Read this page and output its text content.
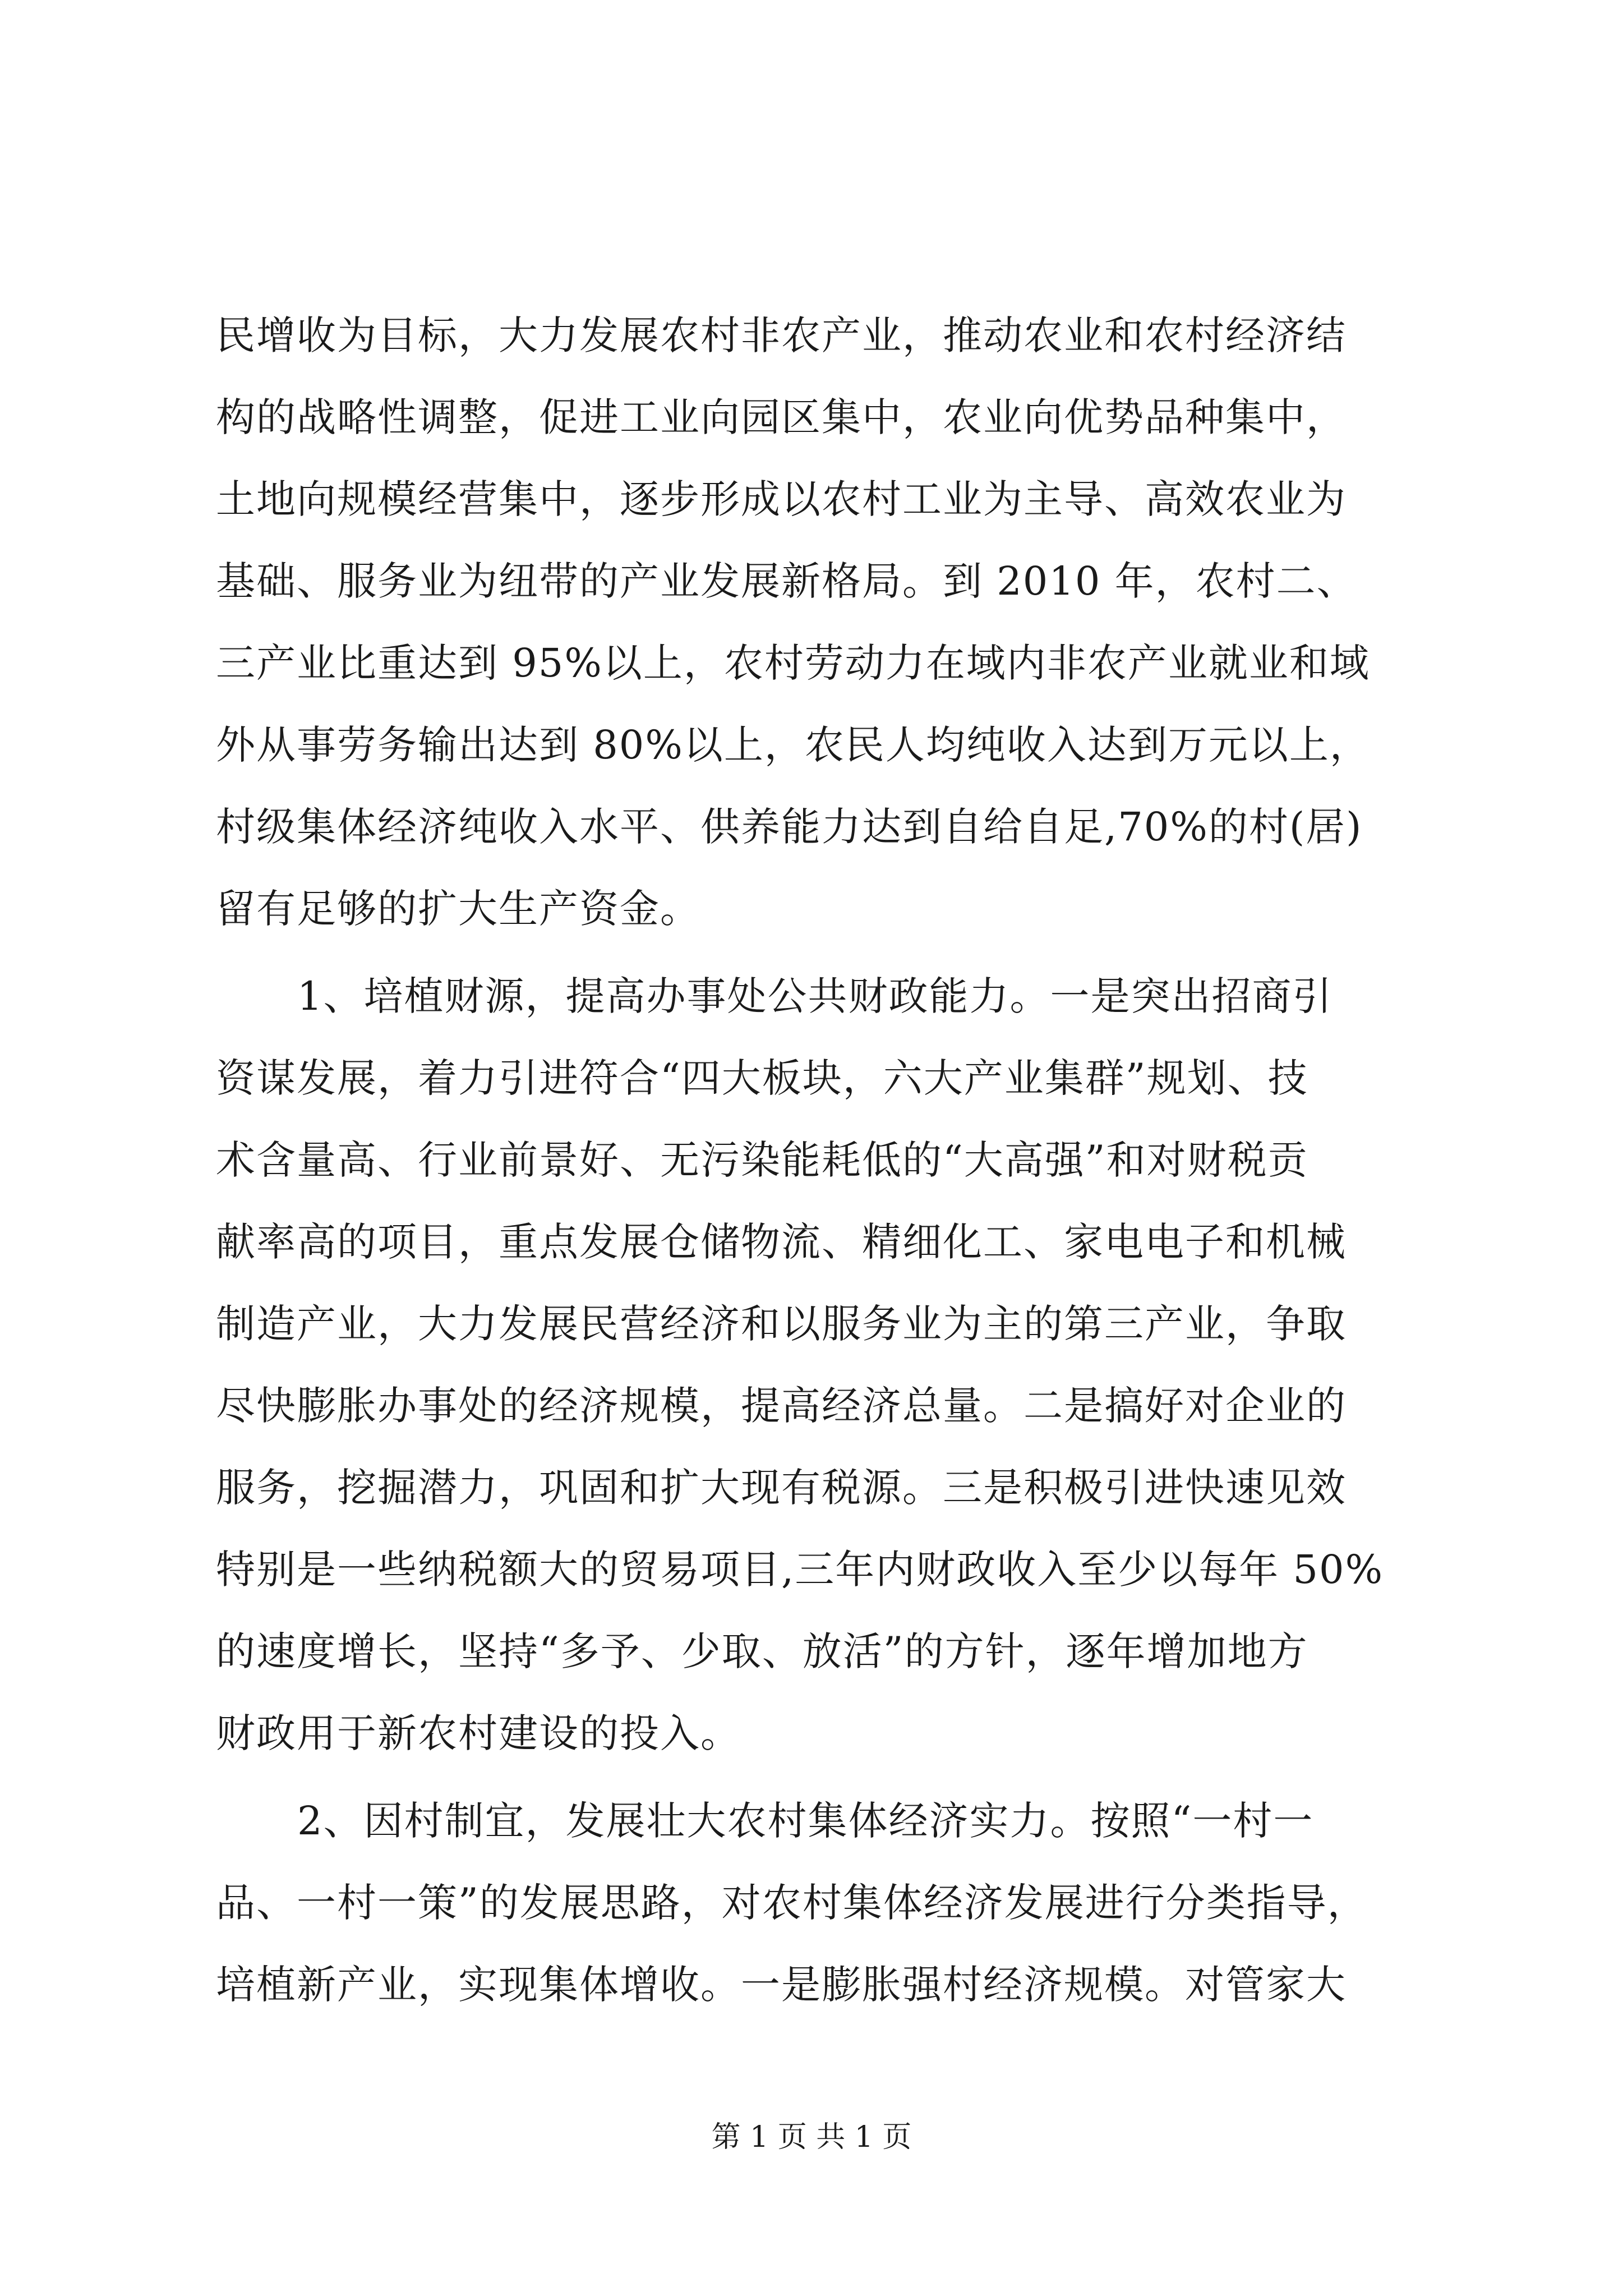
民增收为目标，大力发展农村非农产业，推动农业和农村经济结
构的战略性调整，促进工业向园区集中，农业向优势品种集中，
土地向规模经营集中，逐步形成以农村工业为主导、高效农业为
基础、服务业为纽带的产业发展新格局。到 2010 年，农村二、
三产业比重达到 95%以上，农村劳动力在域内非农产业就业和域
外从事劳务输出达到 80%以上，农民人均纯收入达到万元以上，
村级集体经济纯收入水平、供养能力达到自给自足,70%的村(居)
留有足够的扩大生产资金。
1、培植财源，提高办事处公共财政能力。一是突出招商引
资谋发展，着力引进符合“四大板块，六大产业集群”规划、技
术含量高、行业前景好、无污染能耗低的“大高强”和对财税贡
献率高的项目，重点发展仓储物流、精细化工、家电电子和机械
制造产业，大力发展民营经济和以服务业为主的第三产业，争取
尽快膨胀办事处的经济规模，提高经济总量。二是搞好对企业的
服务，挖掘潜力，巩固和扩大现有税源。三是积极引进快速见效
特别是一些纳税额大的贸易项目,三年内财政收入至少以每年 50%
的速度增长，坚持“多予、少取、放活”的方针，逐年增加地方
财政用于新农村建设的投入。
2、因村制宜，发展壮大农村集体经济实力。按照“一村一
品、一村一策”的发展思路，对农村集体经济发展进行分类指导，
培植新产业，实现集体增收。一是膨胀强村经济规模。对管家大
第 1 页 共 1 页
